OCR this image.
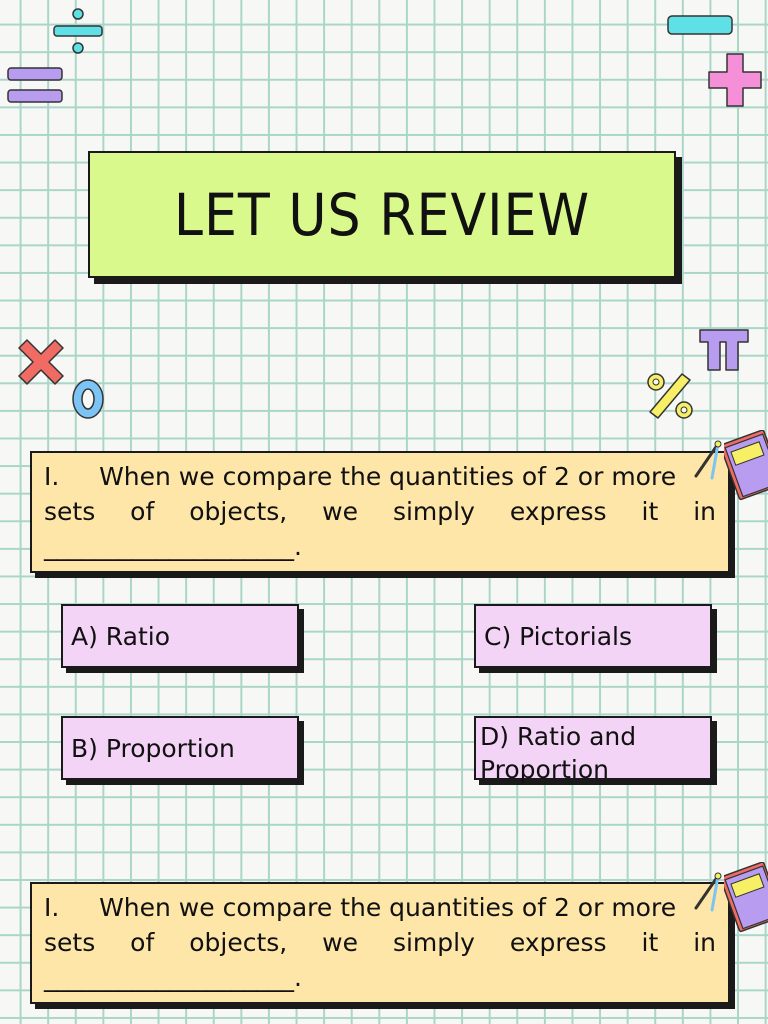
LET US REVIEW
I. When we compare the quantities of 2 or more
sets of objects, we simply express it in
____________________.
A) Ratio	C) Pictorials
B) Proportion	D) Ratio and Proportion
I. When we compare the quantities of 2 or more
sets of objects, we simply express it in
____________________.
